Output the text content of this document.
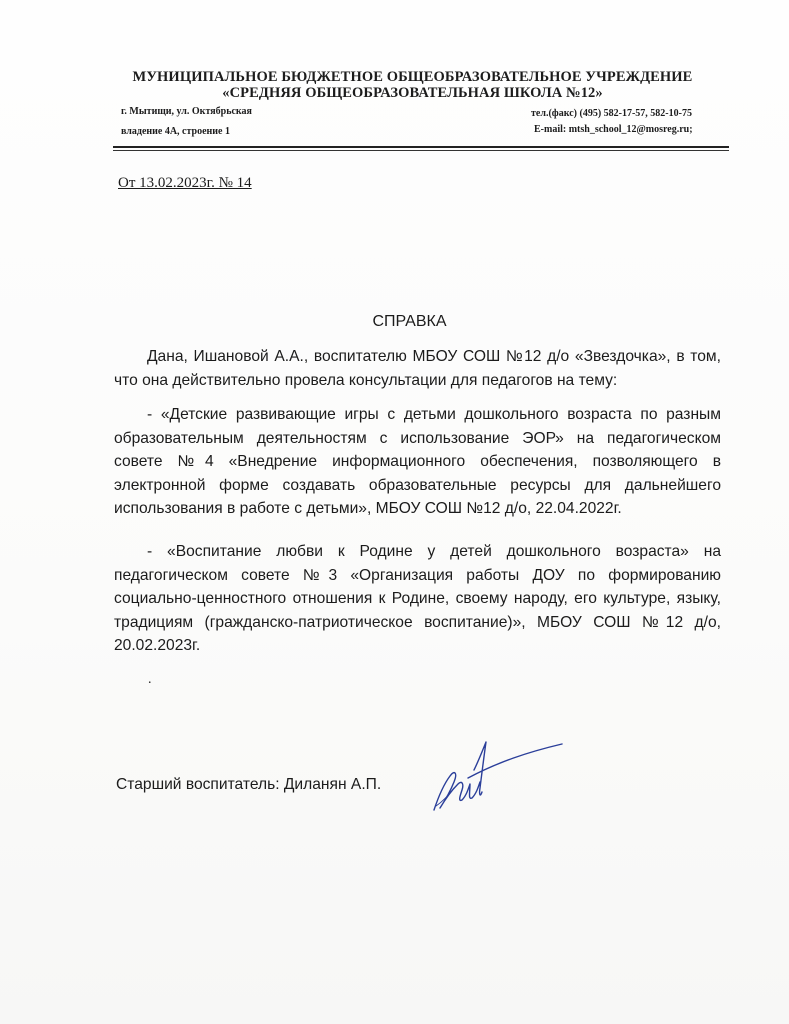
МУНИЦИПАЛЬНОЕ БЮДЖЕТНОЕ ОБЩЕОБРАЗОВАТЕЛЬНОЕ УЧРЕЖДЕНИЕ
«СРЕДНЯЯ ОБЩЕОБРАЗОВАТЕЛЬНАЯ ШКОЛА №12»
г. Мытищи, ул. Октябрьская
владение 4А, строение 1
тел.(факс) (495) 582-17-57, 582-10-75
E-mail: mtsh_school_12@mosreg.ru;
От 13.02.2023г. № 14
СПРАВКА
Дана, Ишановой А.А., воспитателю МБОУ СОШ №12 д/о «Звездочка», в том, что она действительно провела консультации для педагогов на тему:
- «Детские развивающие игры с детьми дошкольного возраста по разным образовательным деятельностям с использование ЭОР» на педагогическом совете №4 «Внедрение информационного обеспечения, позволяющего в электронной форме создавать образовательные ресурсы для дальнейшего использования в работе с детьми», МБОУ СОШ №12 д/о, 22.04.2022г.
- «Воспитание любви к Родине у детей дошкольного возраста» на педагогическом совете №3 «Организация работы ДОУ по формированию социально-ценностного отношения к Родине, своему народу, его культуре, языку, традициям (гражданско-патриотическое воспитание)», МБОУ СОШ №12 д/о, 20.02.2023г.
.
Старший воспитатель: Диланян А.П.
